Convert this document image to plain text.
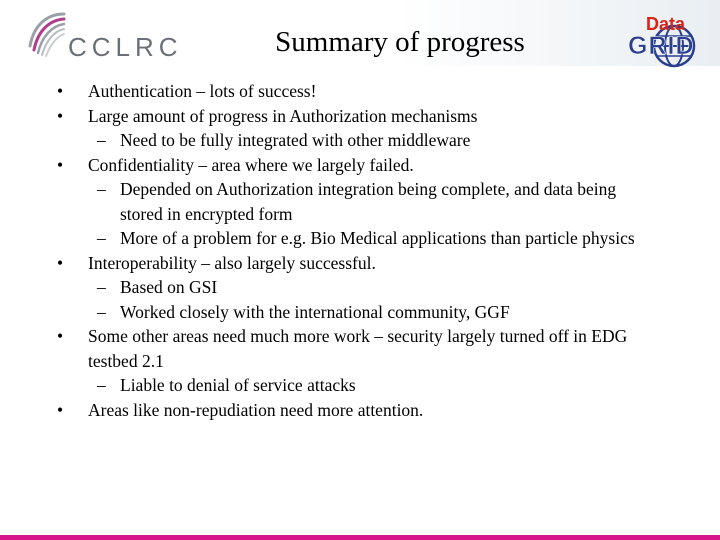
CCLRC	Summary of progress
Data
GRID
• Authentication – lots of success!
• Large amount of progress in Authorization mechanisms
– Need to be fully integrated with other middleware
• Confidentiality – area where we largely failed.
– Depended on Authorization integration being complete, and data being stored in encrypted form
– More of a problem for e.g. Bio Medical applications than particle physics
• Interoperability – also largely successful.
– Based on GSI
– Worked closely with the international community, GGF
• Some other areas need much more work – security largely turned off in EDG testbed 2.1
– Liable to denial of service attacks
• Areas like non-repudiation need more attention.
